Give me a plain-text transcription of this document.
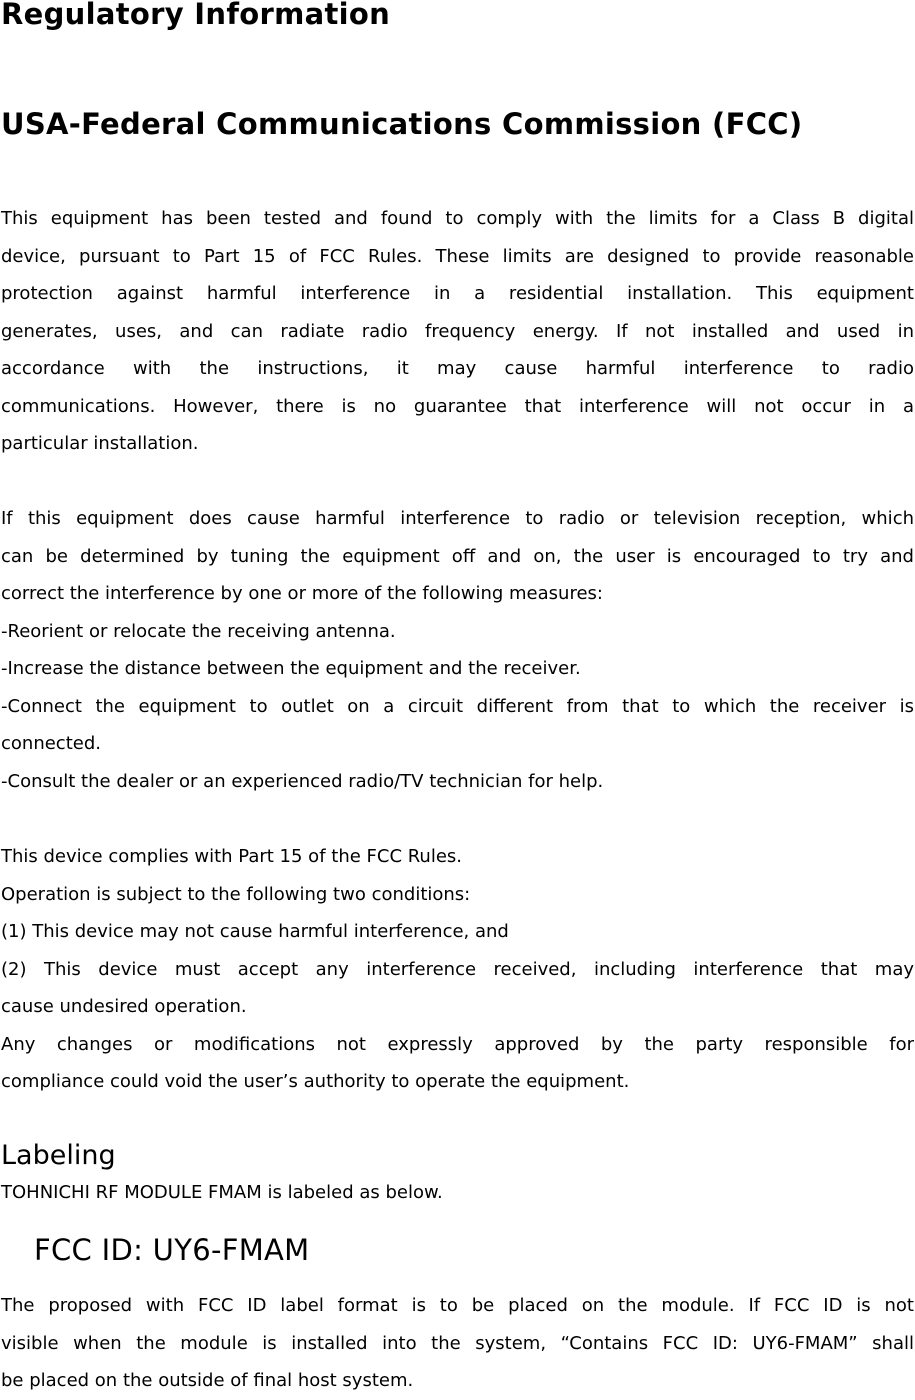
Regulatory Information
USA-Federal Communications Commission (FCC)
This equipment has been tested and found to comply with the limits for a Class B digital
device, pursuant to Part 15 of FCC Rules. These limits are designed to provide reasonable
protection against harmful interference in a residential installation. This equipment
generates, uses, and can radiate radio frequency energy. If not installed and used in
accordance with the instructions, it may cause harmful interference to radio
communications. However, there is no guarantee that interference will not occur in a
particular installation.
If this equipment does cause harmful interference to radio or television reception, which
can be determined by tuning the equipment off and on, the user is encouraged to try and
correct the interference by one or more of the following measures:
-Reorient or relocate the receiving antenna.
-Increase the distance between the equipment and the receiver.
-Connect the equipment to outlet on a circuit different from that to which the receiver is
connected.
-Consult the dealer or an experienced radio/TV technician for help.
This device complies with Part 15 of the FCC Rules.
Operation is subject to the following two conditions:
(1) This device may not cause harmful interference, and
(2) This device must accept any interference received, including interference that may
cause undesired operation.
Any changes or modifications not expressly approved by the party responsible for
compliance could void the user’s authority to operate the equipment.
Labeling
TOHNICHI RF MODULE FMAM is labeled as below.
FCC ID: UY6-FMAM
The proposed with FCC ID label format is to be placed on the module. If FCC ID is not
visible when the module is installed into the system, “Contains FCC ID: UY6-FMAM” shall
be placed on the outside of final host system.
